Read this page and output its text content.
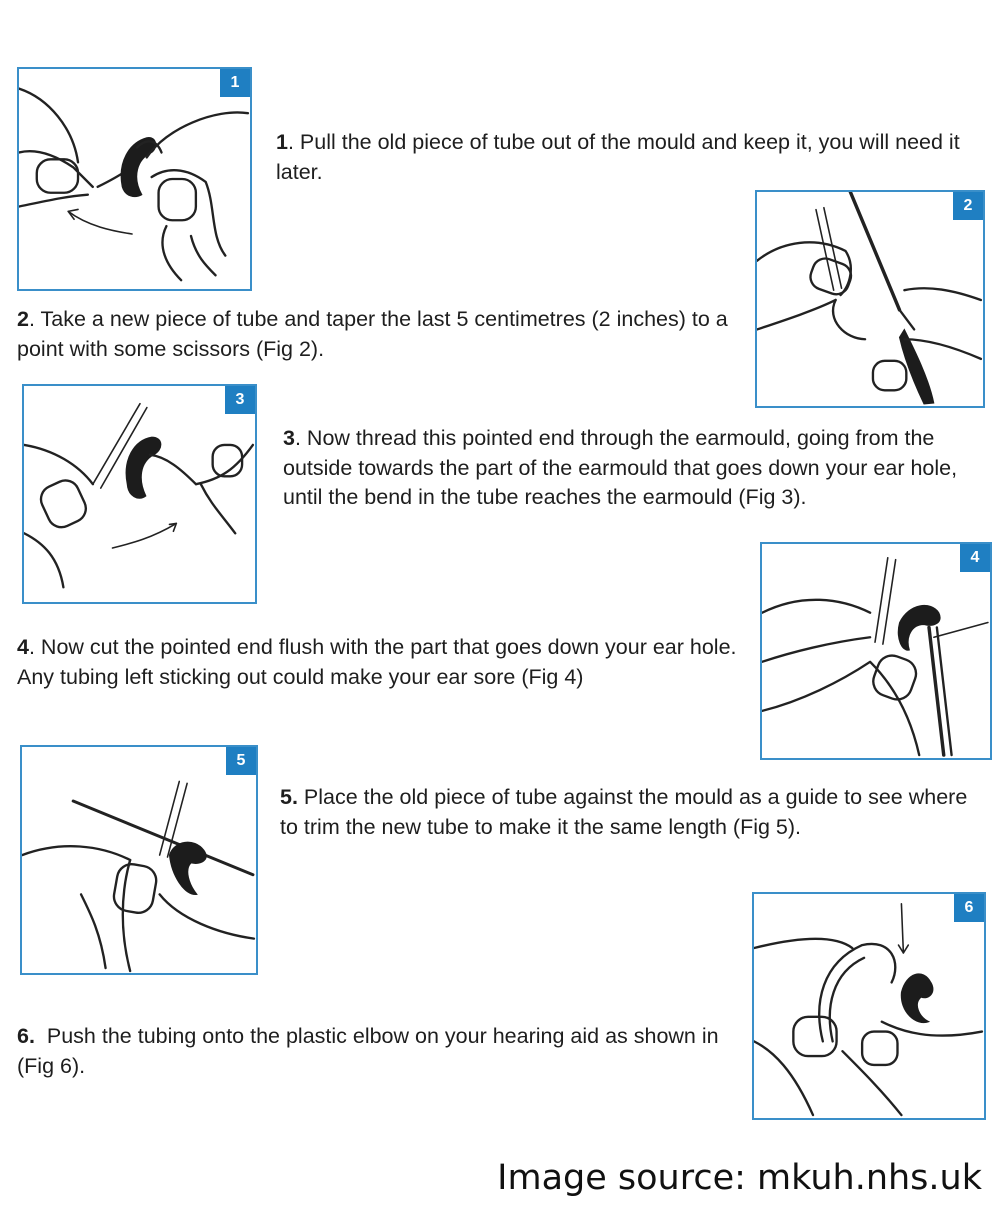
1

1. Pull the old piece of tube out of the mould and keep it, you will need it later.

2

2. Take a new piece of tube and taper the last 5 centimetres (2 inches) to a point with some scissors (Fig 2).

3

3. Now thread this pointed end through the earmould, going from the outside towards the part of the earmould that goes down your ear hole, until the bend in the tube reaches the earmould (Fig 3).

4

4. Now cut the pointed end flush with the part that goes down your ear hole. Any tubing left sticking out could make your ear sore (Fig 4)

5

5. Place the old piece of tube against the mould as a guide to see where to trim the new tube to make it the same length (Fig 5).

6

6.  Push the tubing onto the plastic elbow on your hearing aid as shown in (Fig 6).

Image source: mkuh.nhs.uk
